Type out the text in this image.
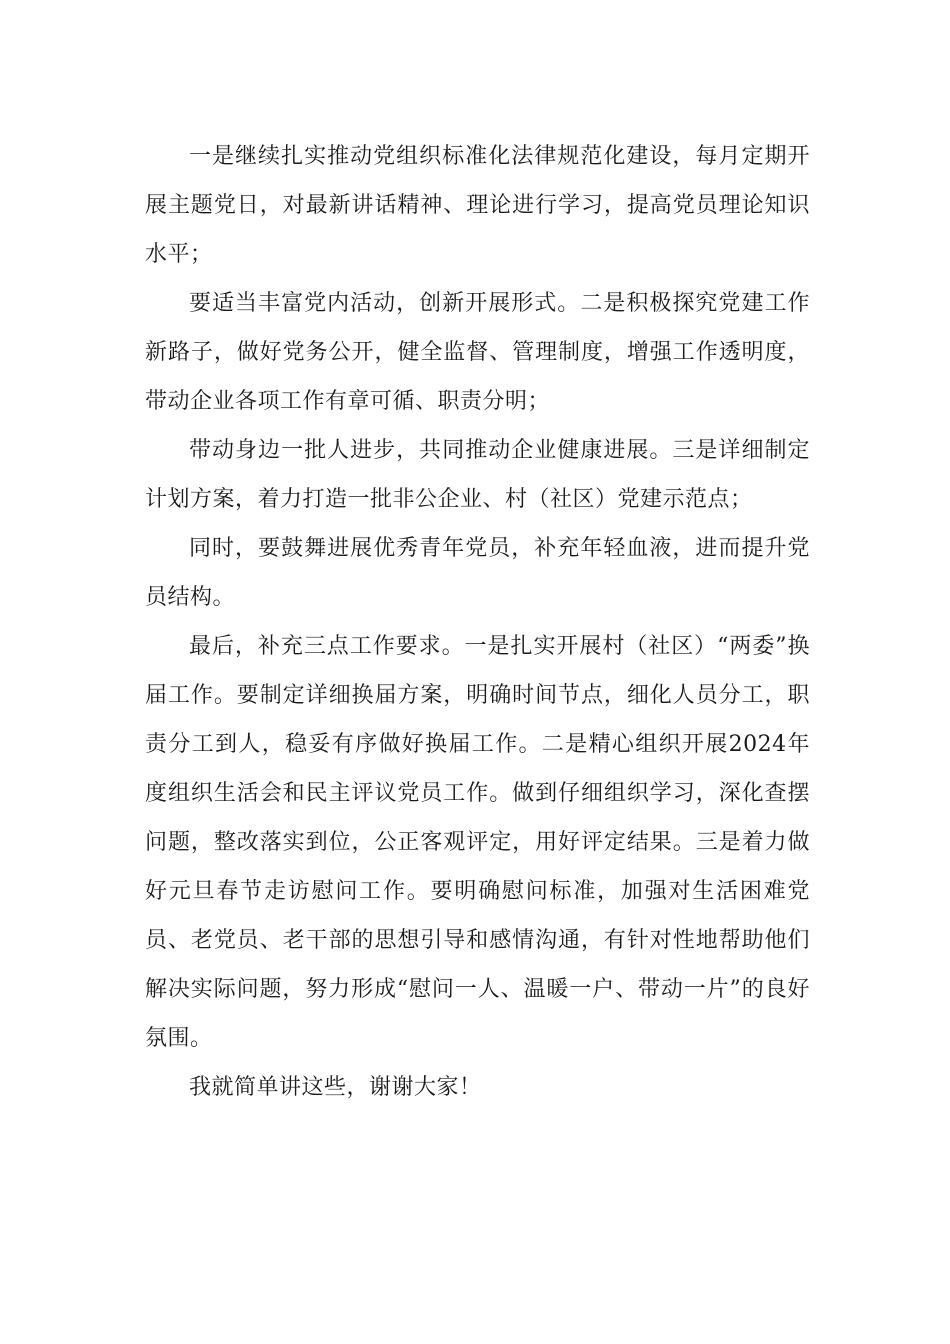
一是继续扎实推动党组织标准化法律规范化建设，每月定期开展主题党日，对最新讲话精神、理论进行学习，提高党员理论知识水平；

要适当丰富党内活动，创新开展形式。二是积极探究党建工作新路子，做好党务公开，健全监督、管理制度，增强工作透明度，带动企业各项工作有章可循、职责分明；

带动身边一批人进步，共同推动企业健康进展。三是详细制定计划方案，着力打造一批非公企业、村（社区）党建示范点；

同时，要鼓舞进展优秀青年党员，补充年轻血液，进而提升党员结构。

最后，补充三点工作要求。一是扎实开展村（社区）“两委”换届工作。要制定详细换届方案，明确时间节点，细化人员分工，职责分工到人，稳妥有序做好换届工作。二是精心组织开展2024年度组织生活会和民主评议党员工作。做到仔细组织学习，深化查摆问题，整改落实到位，公正客观评定，用好评定结果。三是着力做好元旦春节走访慰问工作。要明确慰问标准，加强对生活困难党员、老党员、老干部的思想引导和感情沟通，有针对性地帮助他们解决实际问题，努力形成“慰问一人、温暖一户、带动一片”的良好氛围。

我就简单讲这些，谢谢大家！
